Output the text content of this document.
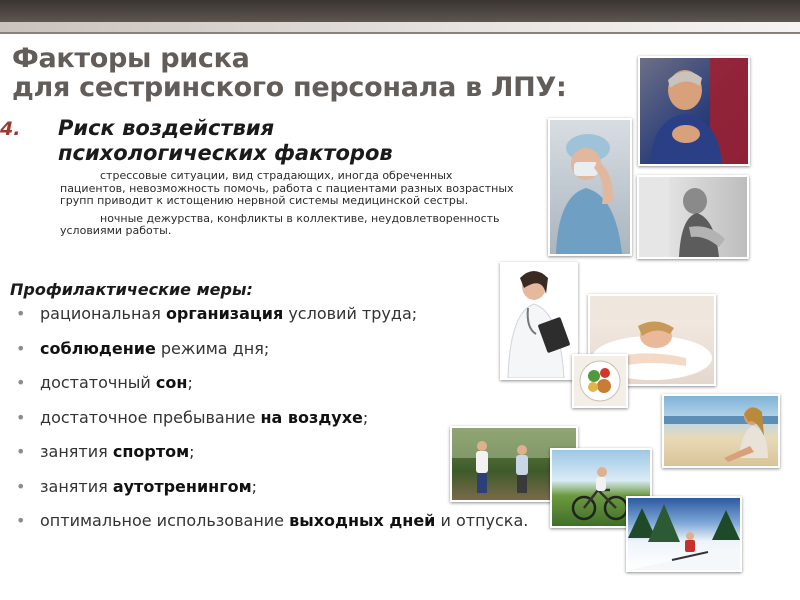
Факторы риска
для сестринского персонала в ЛПУ:
4. Риск воздействия
психологических факторов

стрессовые ситуации, вид страдающих, иногда обреченных пациентов, невозможность помочь, работа с пациентами разных возрастных групп приводит к истощению нервной системы медицинской сестры.

ночные дежурства, конфликты в коллективе, неудовлетворенность условиями работы.

Профилактические меры:
• рациональная организация условий труда;
• соблюдение режима дня;
• достаточный сон;
• достаточное пребывание на воздухе;
• занятия спортом;
• занятия аутотренингом;
• оптимальное использование выходных дней и отпуска.
